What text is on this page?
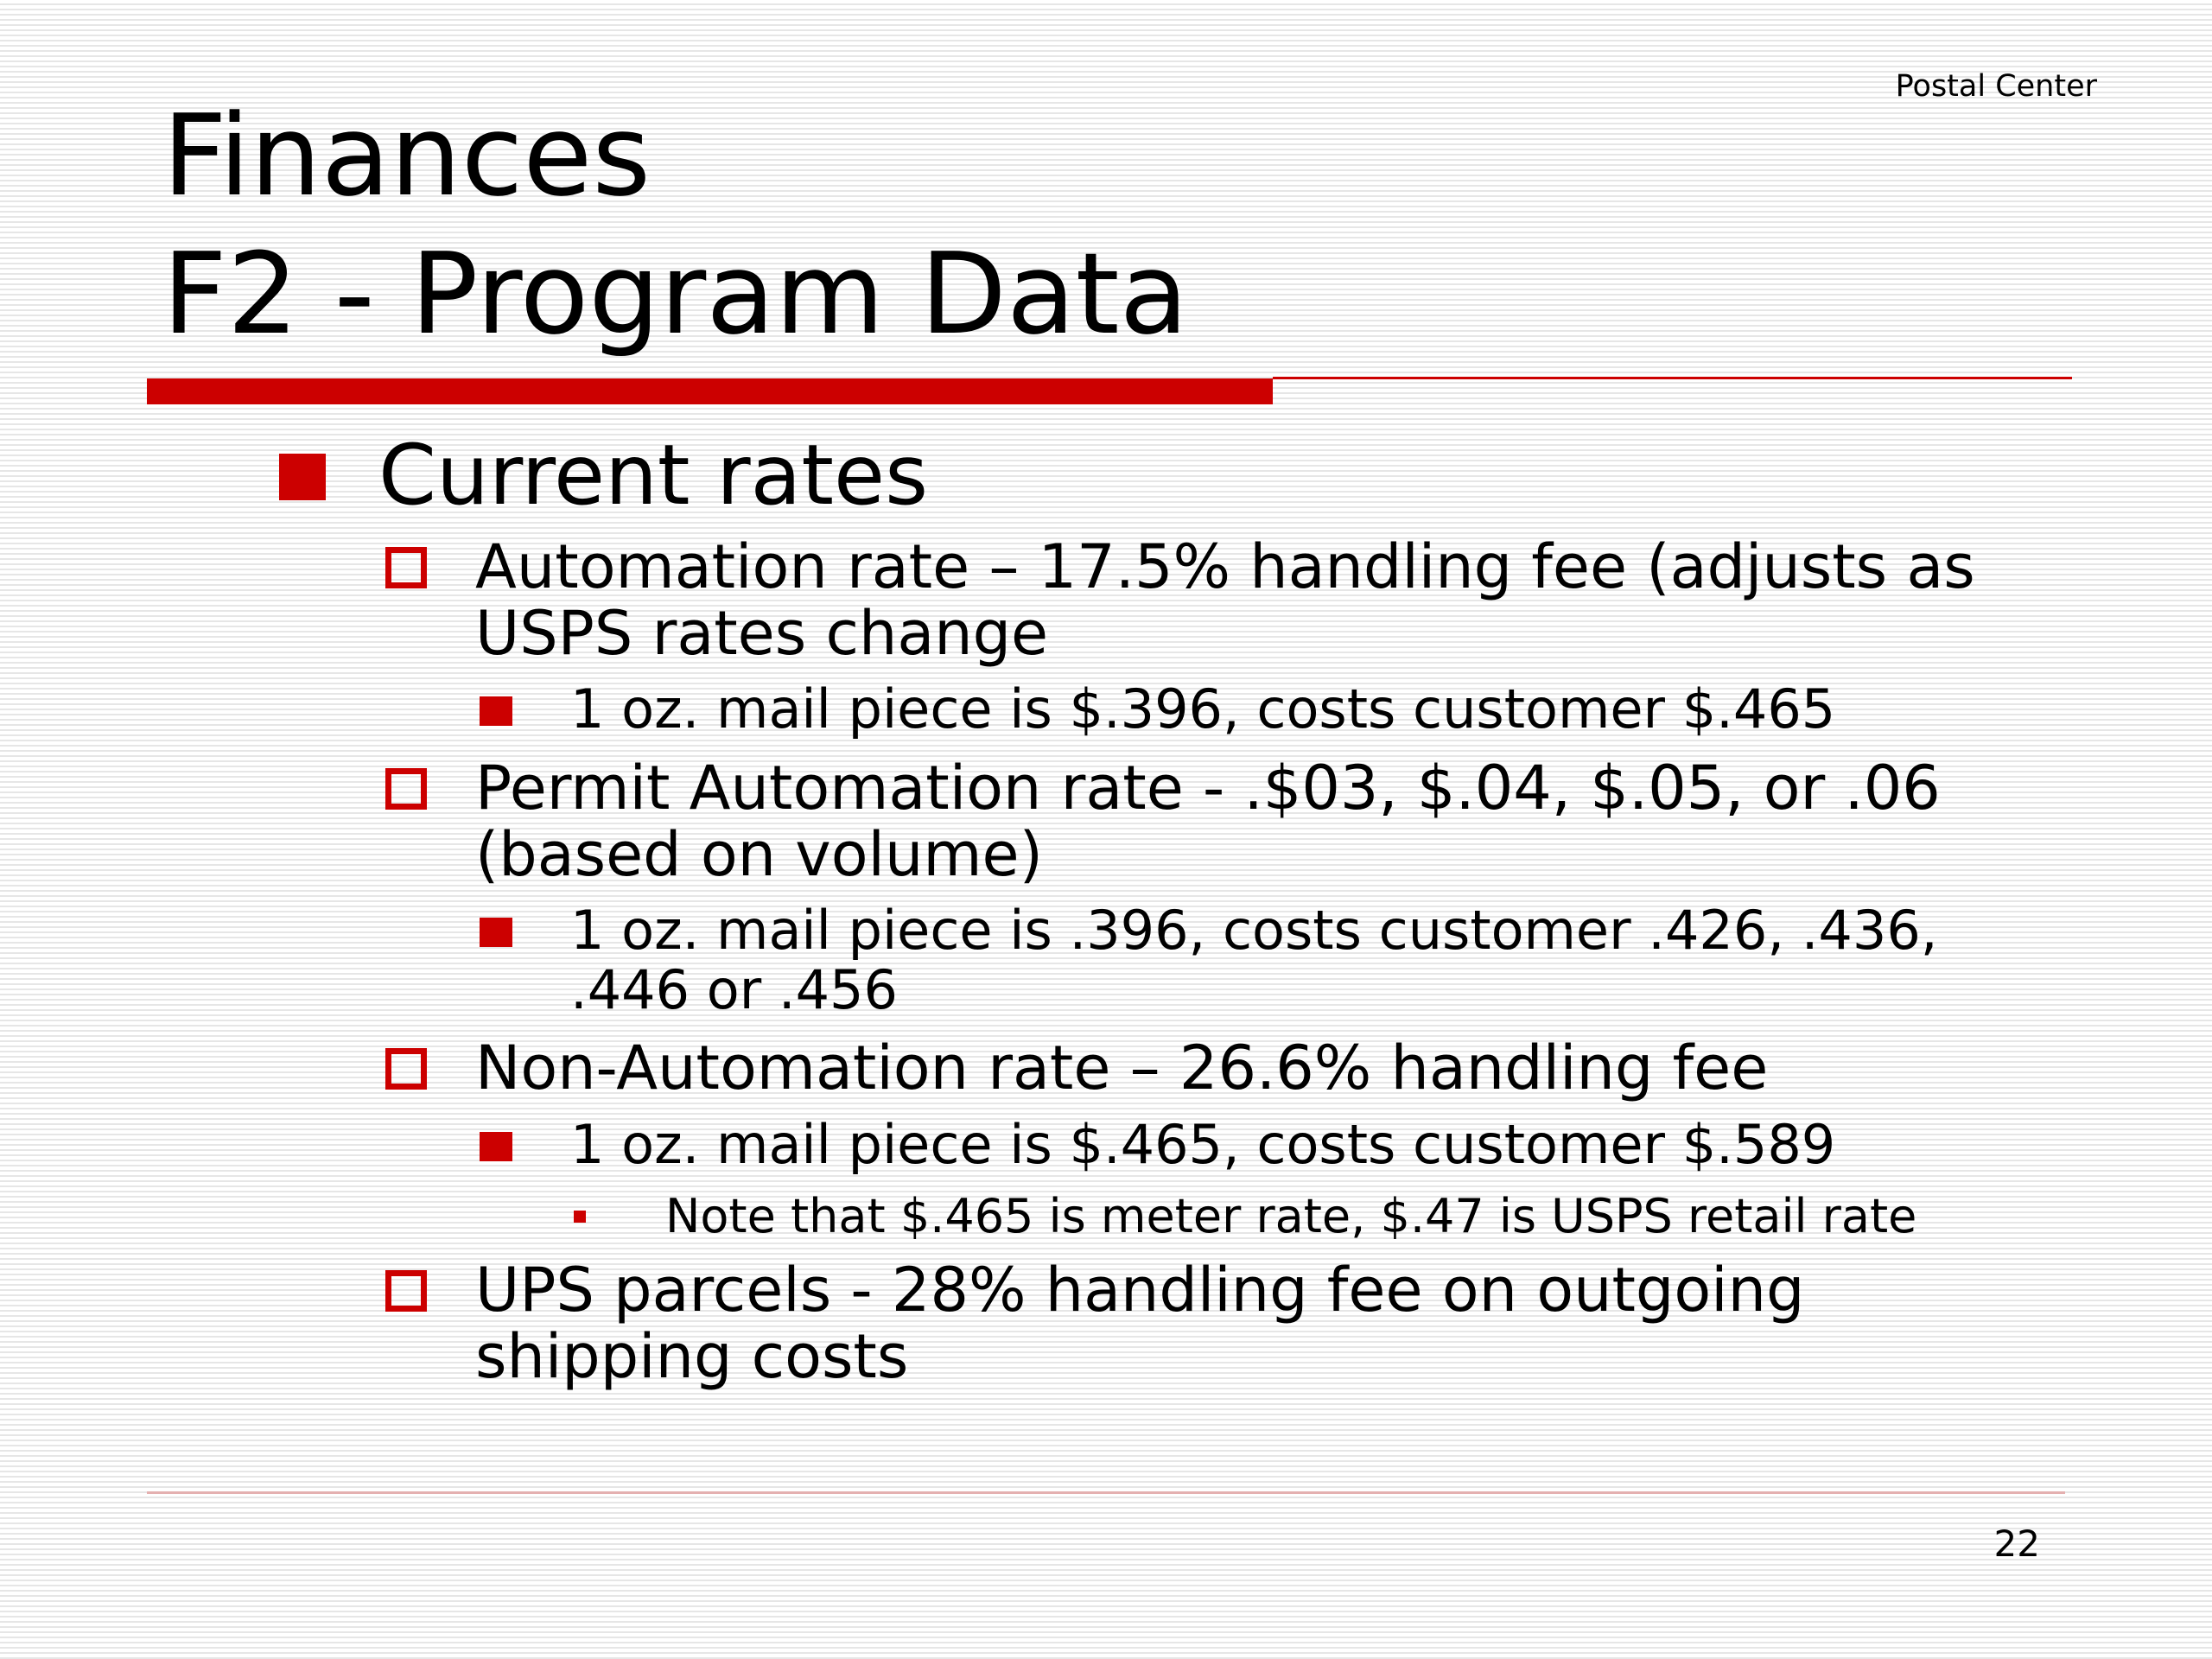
Postal Center
Finances
F2 - Program Data
Current rates
Automation rate – 17.5% handling fee (adjusts as
USPS rates change
1 oz. mail piece is $.396, costs customer $.465
Permit Automation rate - .$03, $.04, $.05, or .06
(based on volume)
1 oz. mail piece is .396, costs customer .426, .436,
.446 or .456
Non-Automation rate – 26.6% handling fee
1 oz. mail piece is $.465, costs customer $.589
Note that $.465 is meter rate, $.47 is USPS retail rate
UPS parcels - 28% handling fee on outgoing
shipping costs
22
